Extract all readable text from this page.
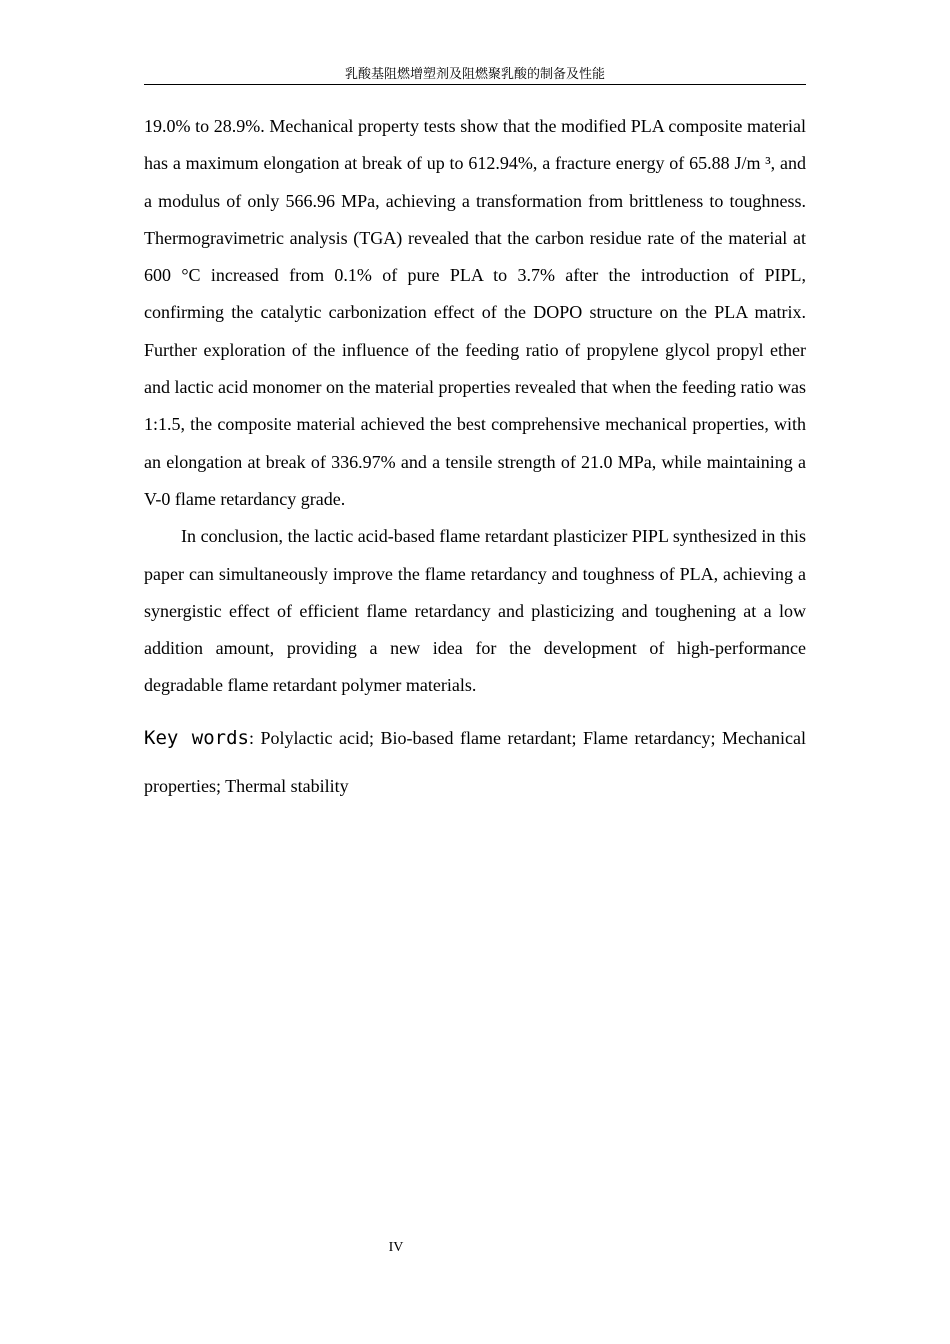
乳酸基阻燃增塑剂及阻燃聚乳酸的制备及性能

19.0% to 28.9%. Mechanical property tests show that the modified PLA composite material has a maximum elongation at break of up to 612.94%, a fracture energy of 65.88 J/m ³, and a modulus of only 566.96 MPa, achieving a transformation from brittleness to toughness. Thermogravimetric analysis (TGA) revealed that the carbon residue rate of the material at 600 °C increased from 0.1% of pure PLA to 3.7% after the introduction of PIPL, confirming the catalytic carbonization effect of the DOPO structure on the PLA matrix. Further exploration of the influence of the feeding ratio of propylene glycol propyl ether and lactic acid monomer on the material properties revealed that when the feeding ratio was 1:1.5, the composite material achieved the best comprehensive mechanical properties, with an elongation at break of 336.97% and a tensile strength of 21.0 MPa, while maintaining a V-0 flame retardancy grade.

In conclusion, the lactic acid-based flame retardant plasticizer PIPL synthesized in this paper can simultaneously improve the flame retardancy and toughness of PLA, achieving a synergistic effect of efficient flame retardancy and plasticizing and toughening at a low addition amount, providing a new idea for the development of high-performance degradable flame retardant polymer materials.

Key words: Polylactic acid; Bio-based flame retardant; Flame retardancy; Mechanical properties; Thermal stability
IV
